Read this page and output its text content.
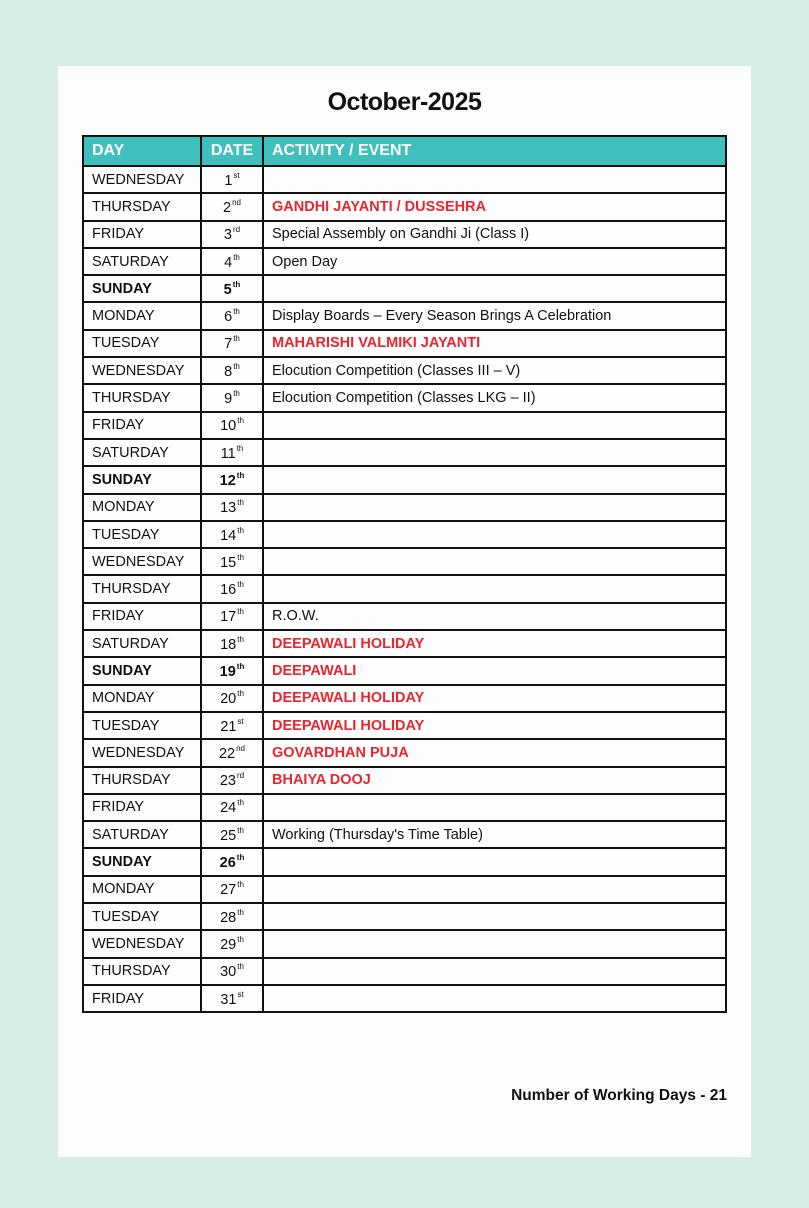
October-2025
DAY	DATE	ACTIVITY / EVENT
WEDNESDAY	1st	
THURSDAY	2nd	GANDHI JAYANTI / DUSSEHRA
FRIDAY	3rd	Special Assembly on Gandhi Ji (Class I)
SATURDAY	4th	Open Day
SUNDAY	5th	
MONDAY	6th	Display Boards – Every Season Brings A Celebration
TUESDAY	7th	MAHARISHI VALMIKI JAYANTI
WEDNESDAY	8th	Elocution Competition (Classes III – V)
THURSDAY	9th	Elocution Competition (Classes LKG – II)
FRIDAY	10th	
SATURDAY	11th	
SUNDAY	12th	
MONDAY	13th	
TUESDAY	14th	
WEDNESDAY	15th	
THURSDAY	16th	
FRIDAY	17th	R.O.W.
SATURDAY	18th	DEEPAWALI HOLIDAY
SUNDAY	19th	DEEPAWALI
MONDAY	20th	DEEPAWALI HOLIDAY
TUESDAY	21st	DEEPAWALI HOLIDAY
WEDNESDAY	22nd	GOVARDHAN PUJA
THURSDAY	23rd	BHAIYA DOOJ
FRIDAY	24th	
SATURDAY	25th	Working (Thursday's Time Table)
SUNDAY	26th	
MONDAY	27th	
TUESDAY	28th	
WEDNESDAY	29th	
THURSDAY	30th	
FRIDAY	31st	
Number of Working Days - 21
